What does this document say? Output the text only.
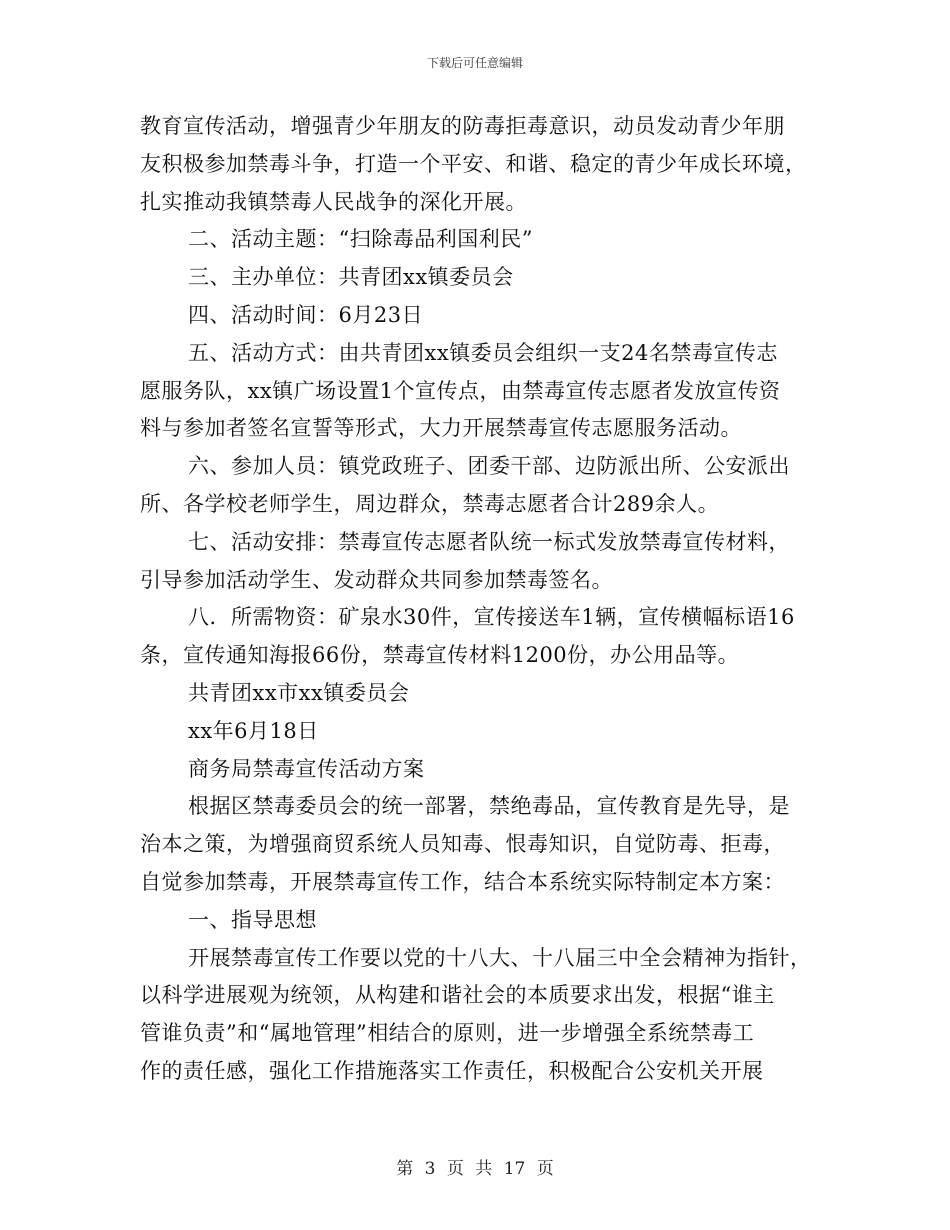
下载后可任意编辑
教育宣传活动，增强青少年朋友的防毒拒毒意识，动员发动青少年朋
友积极参加禁毒斗争，打造一个平安、和谐、稳定的青少年成长环境，
扎实推动我镇禁毒人民战争的深化开展。
二、活动主题：“扫除毒品利国利民”
三、主办单位：共青团xx镇委员会
四、活动时间：6月23日
五、活动方式：由共青团xx镇委员会组织一支24名禁毒宣传志
愿服务队，xx镇广场设置1个宣传点，由禁毒宣传志愿者发放宣传资
料与参加者签名宣誓等形式，大力开展禁毒宣传志愿服务活动。
六、参加人员：镇党政班子、团委干部、边防派出所、公安派出
所、各学校老师学生，周边群众，禁毒志愿者合计289余人。
七、活动安排：禁毒宣传志愿者队统一标式发放禁毒宣传材料，
引导参加活动学生、发动群众共同参加禁毒签名。
八．所需物资：矿泉水30件，宣传接送车1辆，宣传横幅标语16
条，宣传通知海报66份，禁毒宣传材料1200份，办公用品等。
共青团xx市xx镇委员会
xx年6月18日
商务局禁毒宣传活动方案
根据区禁毒委员会的统一部署，禁绝毒品，宣传教育是先导，是
治本之策，为增强商贸系统人员知毒、恨毒知识，自觉防毒、拒毒，
自觉参加禁毒，开展禁毒宣传工作，结合本系统实际特制定本方案：
一、指导思想
开展禁毒宣传工作要以党的十八大、十八届三中全会精神为指针，
以科学进展观为统领，从构建和谐社会的本质要求出发，根据“谁主
管谁负责”和“属地管理”相结合的原则，进一步增强全系统禁毒工
作的责任感，强化工作措施落实工作责任，积极配合公安机关开展
第 3 页 共 17 页
